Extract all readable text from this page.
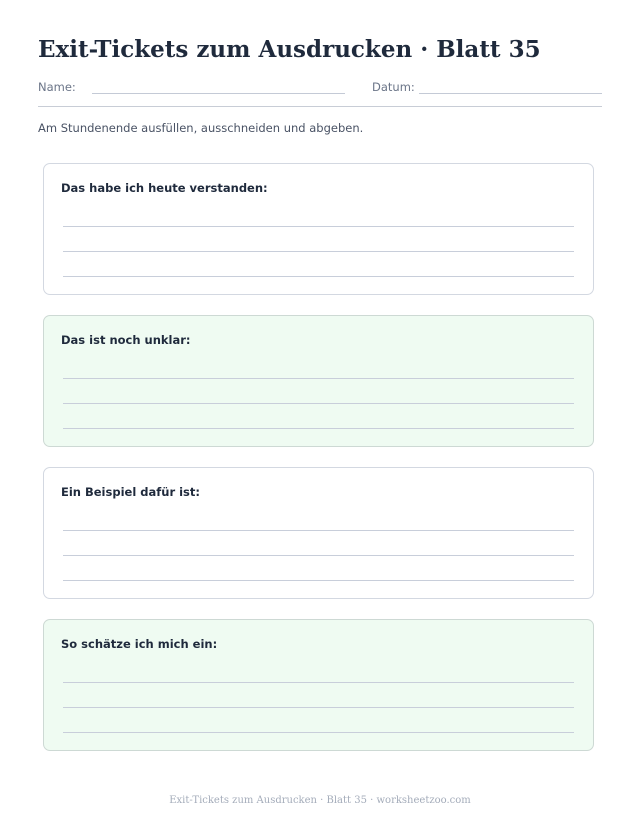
Exit-Tickets zum Ausdrucken · Blatt 35
Name:	Datum:

Am Stundenende ausfüllen, ausschneiden und abgeben.

Das habe ich heute verstanden:
Das ist noch unklar:
Ein Beispiel dafür ist:
So schätze ich mich ein:
Exit-Tickets zum Ausdrucken · Blatt 35 · worksheetzoo.com
